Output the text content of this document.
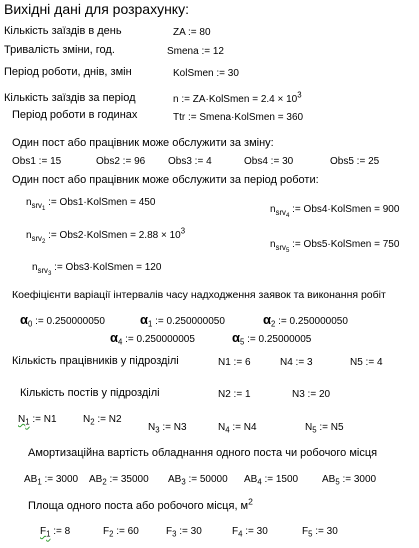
Вихідні дані для розрахунку:
Кількість заїздів в день	ZA := 80
Тривалість зміни, год.	Smena := 12
Період роботи, днів, змін	KolSmen := 30
Кількість заїздів за період	n := ZA·KolSmen = $2.4 \times 10^3$
Період роботи в годинах	Ttr := Smena·KolSmen = 360
Один пост або працівник може обслужити за зміну:
Obs1 := 15	Obs2 := 96 Obs3 := 4	Obs4 := 30	Obs5 := 25
Один пост або працівник може обслужити за період роботи:
$n_{srv_1}$ := Obs1·KolSmen = 450
$n_{srv_2}$ := Obs2·KolSmen = $2.88 \times 10^3$
$n_{srv_3}$ := Obs3·KolSmen = 120
$n_{srv_4}$ := Obs4·KolSmen = 900
$n_{srv_5}$ := Obs5·KolSmen = 750
Коефіцієнти варіації інтервалів часу надходження заявок та виконання робіт
$\alpha_0$ := 0.250000050	$\alpha_1$ := 0.250000050	$\alpha_2$ := 0.250000050
$\alpha_4$ := 0.250000005	$\alpha_5$ := 0.25000005
Кількість працівників у підрозділі	N1 := 6	N4 := 3	N5 := 4
Кількість постів у підрозділі	N2 := 1	N3 := 20
$N_1$ := N1	$N_2$ := N2
$N_3$ := N3	$N_4$ := N4	$N_5$ := N5
Амортизаційна вартість обладнання одного поста чи робочого місця
$AB_1$ := 3000 $AB_2$ := 35000 $AB_3$ := 50000 $AB_4$ := 1500 $AB_5$ := 3000
Площа одного поста або робочого місця, $м^2$
$F_1$ := 8	$F_2$ := 60	$F_3$ := 30	$F_4$ := 30	$F_5$ := 30
